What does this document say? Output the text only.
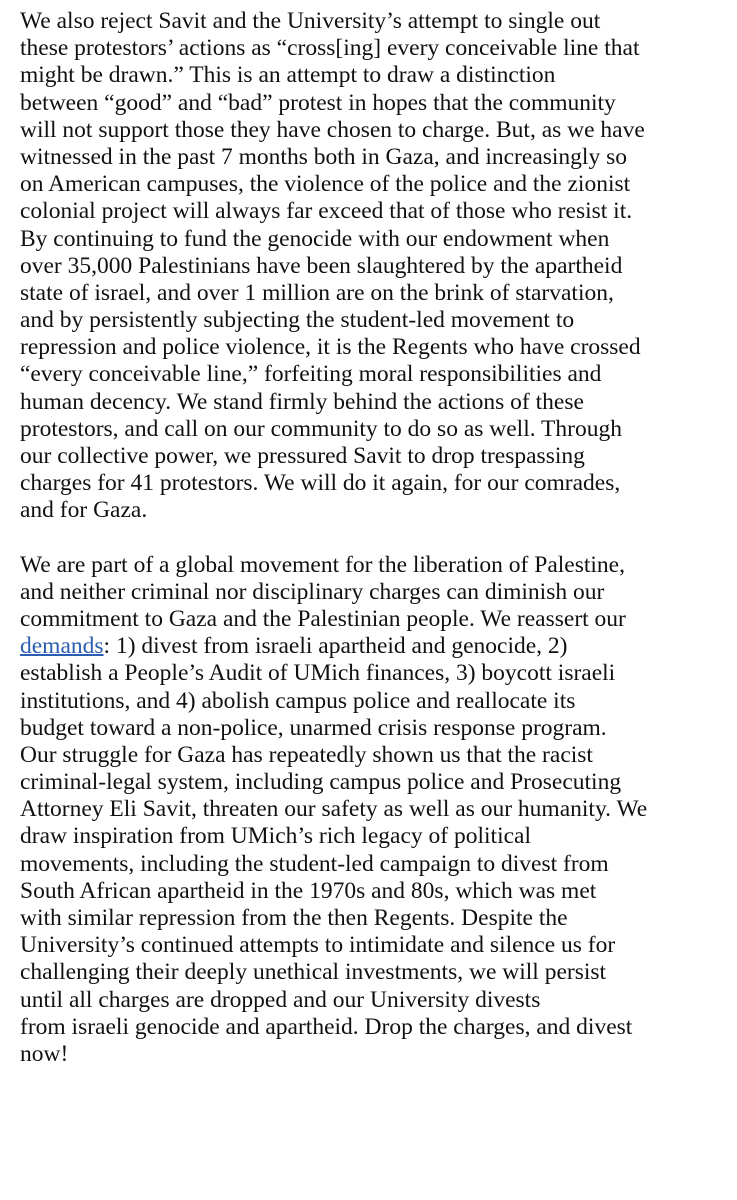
We also reject Savit and the University’s attempt to single out
these protestors’ actions as “cross[ing] every conceivable line that
might be drawn.” This is an attempt to draw a distinction
between “good” and “bad” protest in hopes that the community
will not support those they have chosen to charge. But, as we have
witnessed in the past 7 months both in Gaza, and increasingly so
on American campuses, the violence of the police and the zionist
colonial project will always far exceed that of those who resist it.
By continuing to fund the genocide with our endowment when
over 35,000 Palestinians have been slaughtered by the apartheid
state of israel, and over 1 million are on the brink of starvation,
and by persistently subjecting the student-led movement to
repression and police violence, it is the Regents who have crossed
“every conceivable line,” forfeiting moral responsibilities and
human decency. We stand firmly behind the actions of these
protestors, and call on our community to do so as well. Through
our collective power, we pressured Savit to drop trespassing
charges for 41 protestors. We will do it again, for our comrades,
and for Gaza.

We are part of a global movement for the liberation of Palestine,
and neither criminal nor disciplinary charges can diminish our
commitment to Gaza and the Palestinian people. We reassert our
demands: 1) divest from israeli apartheid and genocide, 2)
establish a People’s Audit of UMich finances, 3) boycott israeli
institutions, and 4) abolish campus police and reallocate its
budget toward a non-police, unarmed crisis response program.
Our struggle for Gaza has repeatedly shown us that the racist
criminal-legal system, including campus police and Prosecuting
Attorney Eli Savit, threaten our safety as well as our humanity. We
draw inspiration from UMich’s rich legacy of political
movements, including the student-led campaign to divest from
South African apartheid in the 1970s and 80s, which was met
with similar repression from the then Regents. Despite the
University’s continued attempts to intimidate and silence us for
challenging their deeply unethical investments, we will persist
until all charges are dropped and our University divests
from israeli genocide and apartheid. Drop the charges, and divest
now!
